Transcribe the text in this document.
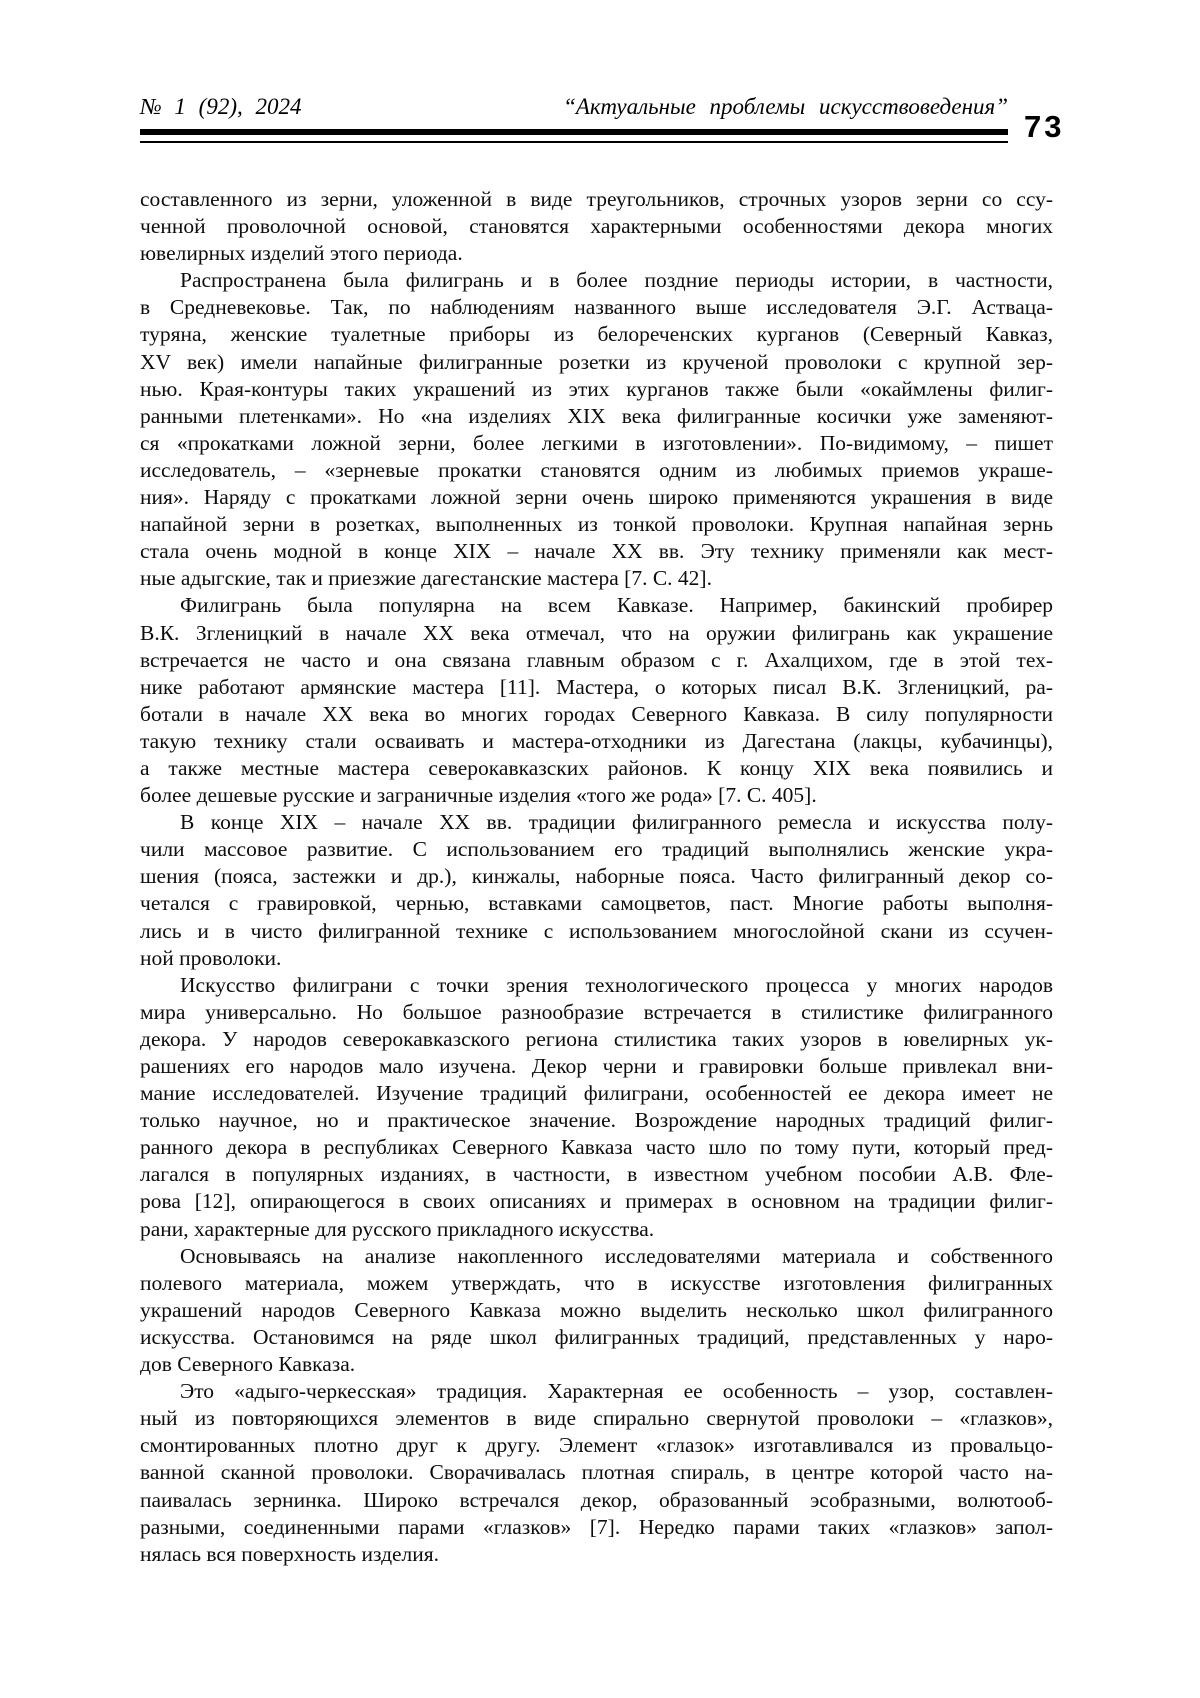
№ 1 (92), 2024	“Актуальные проблемы искусствоведения”
73
составленного из зерни, уложенной в виде треугольников, строчных узоров зерни со ссу-
ченной проволочной основой, становятся характерными особенностями декора многих
ювелирных изделий этого периода.
Распространена была филигрань и в более поздние периоды истории, в частности,
в Средневековье. Так, по наблюдениям названного выше исследователя Э.Г. Астваца-
туряна, женские туалетные приборы из белореченских курганов (Северный Кавказ,
XV век) имели напайные филигранные розетки из крученой проволоки с крупной зер-
нью. Края-контуры таких украшений из этих курганов также были «окаймлены филиг-
ранными плетенками». Но «на изделиях XIX века филигранные косички уже заменяют-
ся «прокатками ложной зерни, более легкими в изготовлении». По-видимому, – пишет
исследователь, – «зерневые прокатки становятся одним из любимых приемов украше-
ния». Наряду с прокатками ложной зерни очень широко применяются украшения в виде
напайной зерни в розетках, выполненных из тонкой проволоки. Крупная напайная зернь
стала очень модной в конце XIX – начале XX вв. Эту технику применяли как мест-
ные адыгские, так и приезжие дагестанские мастера [7. С. 42].
Филигрань была популярна на всем Кавказе. Например, бакинский пробирер
В.К. Згленицкий в начале XX века отмечал, что на оружии филигрань как украшение
встречается не часто и она связана главным образом с г. Ахалцихом, где в этой тех-
нике работают армянские мастера [11]. Мастера, о которых писал В.К. Згленицкий, ра-
ботали в начале XX века во многих городах Северного Кавказа. В силу популярности
такую технику стали осваивать и мастера-отходники из Дагестана (лакцы, кубачинцы),
а также местные мастера северокавказских районов. К концу XIX века появились и
более дешевые русские и заграничные изделия «того же рода» [7. С. 405].
В конце XIX – начале XX вв. традиции филигранного ремесла и искусства полу-
чили массовое развитие. С использованием его традиций выполнялись женские укра-
шения (пояса, застежки и др.), кинжалы, наборные пояса. Часто филигранный декор со-
четался с гравировкой, чернью, вставками самоцветов, паст. Многие работы выполня-
лись и в чисто филигранной технике с использованием многослойной скани из ссучен-
ной проволоки.
Искусство филиграни с точки зрения технологического процесса у многих народов
мира универсально. Но большое разнообразие встречается в стилистике филигранного
декора. У народов северокавказского региона стилистика таких узоров в ювелирных ук-
рашениях его народов мало изучена. Декор черни и гравировки больше привлекал вни-
мание исследователей. Изучение традиций филиграни, особенностей ее декора имеет не
только научное, но и практическое значение. Возрождение народных традиций филиг-
ранного декора в республиках Северного Кавказа часто шло по тому пути, который пред-
лагался в популярных изданиях, в частности, в известном учебном пособии А.В. Фле-
рова [12], опирающегося в своих описаниях и примерах в основном на традиции филиг-
рани, характерные для русского прикладного искусства.
Основываясь на анализе накопленного исследователями материала и собственного
полевого материала, можем утверждать, что в искусстве изготовления филигранных
украшений народов Северного Кавказа можно выделить несколько школ филигранного
искусства. Остановимся на ряде школ филигранных традиций, представленных у наро-
дов Северного Кавказа.
Это «адыго-черкесская» традиция. Характерная ее особенность – узор, составлен-
ный из повторяющихся элементов в виде спирально свернутой проволоки – «глазков»,
смонтированных плотно друг к другу. Элемент «глазок» изготавливался из провальцо-
ванной сканной проволоки. Сворачивалась плотная спираль, в центре которой часто на-
паивалась зернинка. Широко встречался декор, образованный эсобразными, волютооб-
разными, соединенными парами «глазков» [7]. Нередко парами таких «глазков» запол-
нялась вся поверхность изделия.
